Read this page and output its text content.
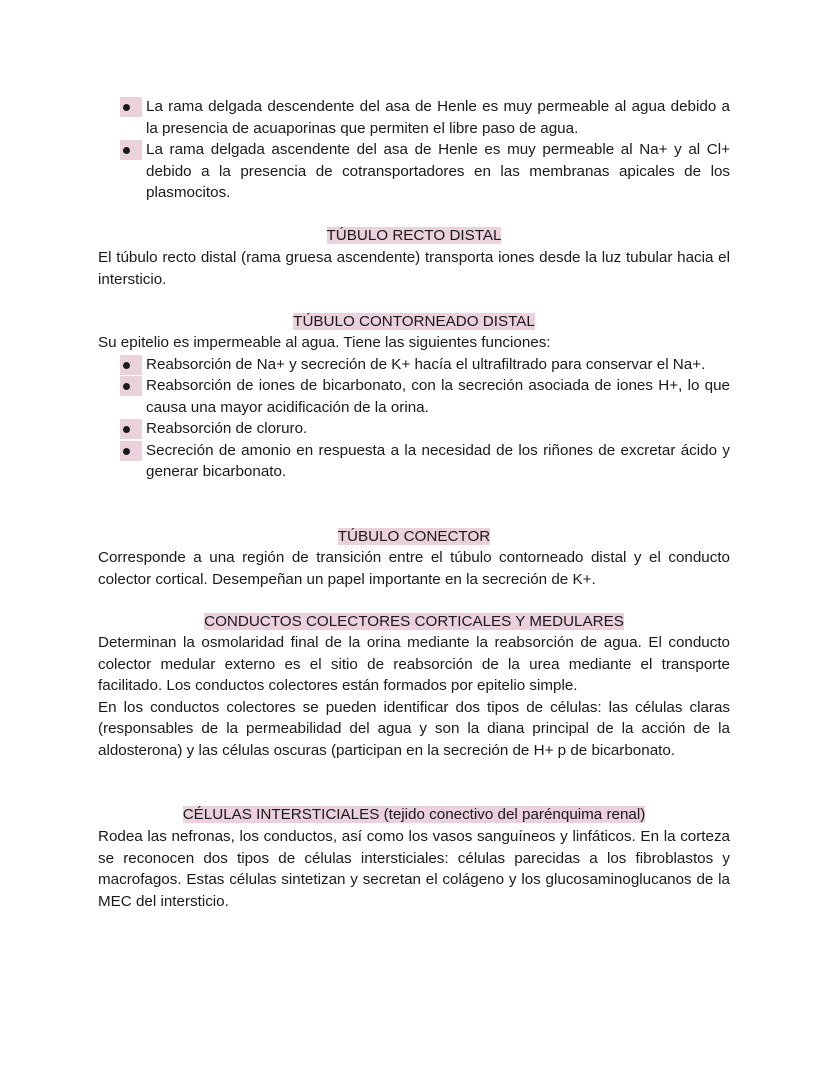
La rama delgada descendente del asa de Henle es muy permeable al agua debido a la presencia de acuaporinas que permiten el libre paso de agua.
La rama delgada ascendente del asa de Henle es muy permeable al Na+ y al Cl+ debido a la presencia de cotransportadores en las membranas apicales de los plasmocitos.
TÚBULO RECTO DISTAL

El túbulo recto distal (rama gruesa ascendente) transporta iones desde la luz tubular hacia el intersticio.

TÚBULO CONTORNEADO DISTAL

Su epitelio es impermeable al agua. Tiene las siguientes funciones:

Reabsorción de Na+ y secreción de K+ hacía el ultrafiltrado para conservar el Na+.
Reabsorción de iones de bicarbonato, con la secreción asociada de iones H+, lo que causa una mayor acidificación de la orina.
Reabsorción de cloruro.
Secreción de amonio en respuesta a la necesidad de los riñones de excretar ácido y generar bicarbonato.
TÚBULO CONECTOR

Corresponde a una región de transición entre el túbulo contorneado distal y el conducto colector cortical. Desempeñan un papel importante en la secreción de K+.

CONDUCTOS COLECTORES CORTICALES Y MEDULARES

Determinan la osmolaridad final de la orina mediante la reabsorción de agua. El conducto colector medular externo es el sitio de reabsorción de la urea mediante el transporte facilitado. Los conductos colectores están formados por epitelio simple.

En los conductos colectores se pueden identificar dos tipos de células: las células claras (responsables de la permeabilidad del agua y son la diana principal de la acción de la aldosterona) y las células oscuras (participan en la secreción de H+ p de bicarbonato.

CÉLULAS INTERSTICIALES (tejido conectivo del parénquima renal)

Rodea las nefronas, los conductos, así como los vasos sanguíneos y linfáticos. En la corteza se reconocen dos tipos de células intersticiales: células parecidas a los fibroblastos y macrofagos. Estas células sintetizan y secretan el colágeno y los glucosaminoglucanos de la MEC del intersticio.
